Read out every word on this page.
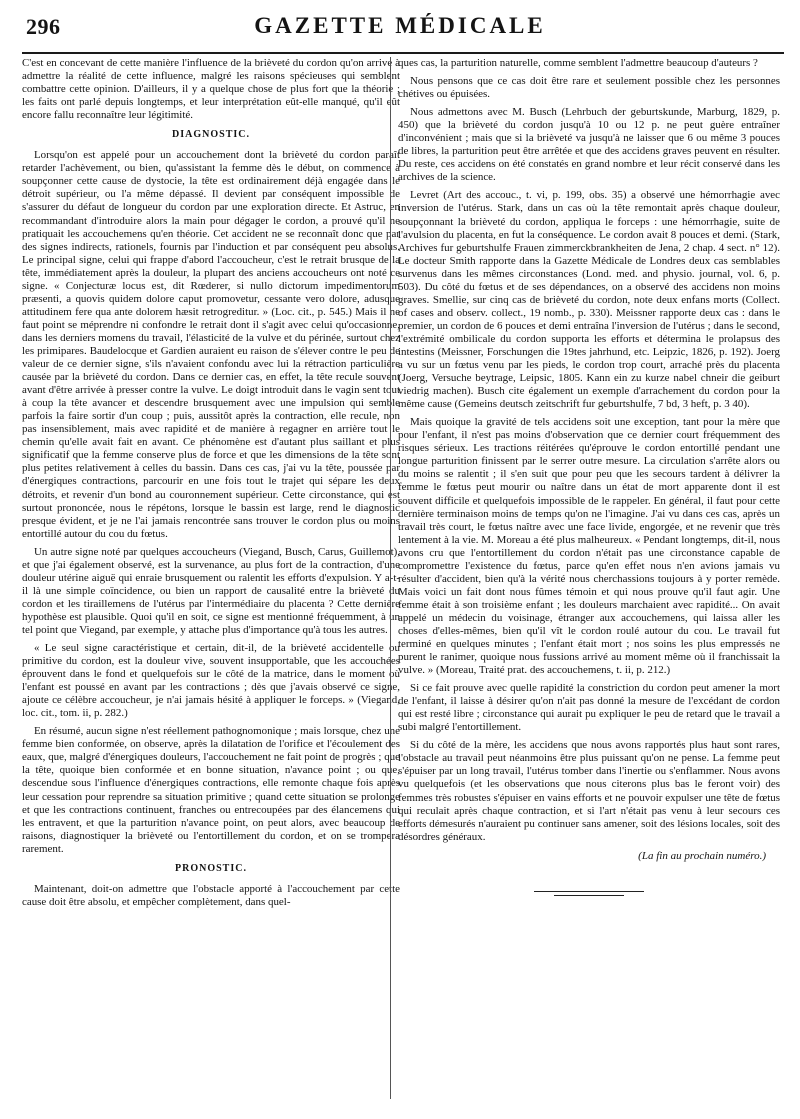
296	GAZETTE MÉDICALE

C'est en concevant de cette manière l'influence de la brièveté du cordon qu'on arrive à admettre la réalité de cette influence, malgré les raisons spécieuses qui semblent combattre cette opinion. D'ailleurs, il y a quelque chose de plus fort que la théorie ; les faits ont parlé depuis longtemps, et leur interprétation eût-elle manqué, qu'il eût encore fallu reconnaître leur légitimité.

DIAGNOSTIC.

Lorsqu'on est appelé pour un accouchement dont la brièveté du cordon paraît retarder l'achèvement, ou bien, qu'assistant la femme dès le début, on commence à soupçonner cette cause de dystocie, la tête est ordinairement déjà engagée dans le détroit supérieur, ou l'a même dépassé. Il devient par conséquent impossible de s'assurer du défaut de longueur du cordon par une exploration directe. Et Astruc, en recommandant d'introduire alors la main pour dégager le cordon, a prouvé qu'il ne pratiquait les accouchemens qu'en théorie. Cet accident ne se reconnaît donc que par des signes indirects, rationels, fournis par l'induction et par conséquent peu absolus. Le principal signe, celui qui frappe d'abord l'accoucheur, c'est le retrait brusque de la tête, immédiatement après la douleur, la plupart des anciens accoucheurs ont noté ce signe. « Conjecturæ locus est, dit Rœderer, si nullo dictorum impedimentorum præsenti, a quovis quidem dolore caput promovetur, cessante vero dolore, adusque attitudinem fere qua ante dolorem hæsit retrogreditur. » (Loc. cit., p. 545.) Mais il ne faut point se méprendre ni confondre le retrait dont il s'agit avec celui qu'occasionne, dans les derniers momens du travail, l'élasticité de la vulve et du périnée, surtout chez les primipares. Baudelocque et Gardien auraient eu raison de s'élever contre le peu de valeur de ce dernier signe, s'ils n'avaient confondu avec lui la rétraction particulière causée par la brièveté du cordon. Dans ce dernier cas, en effet, la tête recule souvent avant d'être arrivée à presser contre la vulve. Le doigt introduit dans le vagin sent tout à coup la tête avancer et descendre brusquement avec une impulsion qui semble parfois la faire sortir d'un coup ; puis, aussitôt après la contraction, elle recule, non pas insensiblement, mais avec rapidité et de manière à regagner en arrière tout le chemin qu'elle avait fait en avant. Ce phénomène est d'autant plus saillant et plus significatif que la femme conserve plus de force et que les dimensions de la tête sont plus petites relativement à celles du bassin. Dans ces cas, j'ai vu la tête, poussée par d'énergiques contractions, parcourir en une fois tout le trajet qui sépare les deux détroits, et revenir d'un bond au couronnement supérieur. Cette circonstance, qui est surtout prononcée, nous le répétons, lorsque le bassin est large, rend le diagnostic presque évident, et je ne l'ai jamais rencontrée sans trouver le cordon plus ou moins entortillé autour du cou du fœtus.

Un autre signe noté par quelques accoucheurs (Viegand, Busch, Carus, Guillemot), et que j'ai également observé, est la survenance, au plus fort de la contraction, d'une douleur utérine aiguë qui enraie brusquement ou ralentit les efforts d'expulsion. Y a-t-il là une simple coïncidence, ou bien un rapport de causalité entre la brièveté du cordon et les tiraillemens de l'utérus par l'intermédiaire du placenta ? Cette dernière hypothèse est plausible. Quoi qu'il en soit, ce signe est mentionné fréquemment, à un tel point que Viegand, par exemple, y attache plus d'importance qu'à tous les autres.

« Le seul signe caractéristique et certain, dit-il, de la brièveté accidentelle ou primitive du cordon, est la douleur vive, souvent insupportable, que les accouchées éprouvent dans le fond et quelquefois sur le côté de la matrice, dans le moment où l'enfant est poussé en avant par les contractions ; dès que j'avais observé ce signe, ajoute ce célèbre accoucheur, je n'ai jamais hésité à appliquer le forceps. » (Viegand, loc. cit., tom. ii, p. 282.)

En résumé, aucun signe n'est réellement pathognomonique ; mais lorsque, chez une femme bien conformée, on observe, après la dilatation de l'orifice et l'écoulement des eaux, que, malgré d'énergiques douleurs, l'accouchement ne fait point de progrès ; que la tête, quoique bien conformée et en bonne situation, n'avance point ; ou que, descendue sous l'influence d'énergiques contractions, elle remonte chaque fois après leur cessation pour reprendre sa situation primitive ; quand cette situation se prolonge et que les contractions continuent, franches ou entrecoupées par des élancemens qui les entravent, et que la parturition n'avance point, on peut alors, avec beaucoup de raisons, diagnostiquer la brièveté ou l'entortillement du cordon, et on se trompera rarement.

PRONOSTIC.

Maintenant, doit-on admettre que l'obstacle apporté à l'accouchement par cette cause doit être absolu, et empêcher complètement, dans quel-

ques cas, la parturition naturelle, comme semblent l'admettre beaucoup d'auteurs ?

Nous pensons que ce cas doit être rare et seulement possible chez les personnes chétives ou épuisées.

Nous admettons avec M. Busch (Lehrbuch der geburtskunde, Marburg, 1829, p. 450) que la brièveté du cordon jusqu'à 10 ou 12 p. ne peut guère entraîner d'inconvénient ; mais que si la brièveté va jusqu'à ne laisser que 6 ou même 3 pouces de libres, la parturition peut être arrêtée et que des accidens graves peuvent en résulter. Du reste, ces accidens on été constatés en grand nombre et leur récit conservé dans les archives de la science.

Levret (Art des accouc., t. vi, p. 199, obs. 35) a observé une hémorrhagie avec inversion de l'utérus. Stark, dans un cas où la tête remontait après chaque douleur, soupçonnant la brièveté du cordon, appliqua le forceps : une hémorrhagie, suite de l'avulsion du placenta, en fut la conséquence. Le cordon avait 8 pouces et demi. (Stark, Archives fur geburtshulfe Frauen zimmerckbrankheiten de Jena, 2 chap. 4 sect. n° 12). Le docteur Smith rapporte dans la Gazette Médicale de Londres deux cas semblables survenus dans les mêmes circonstances (Lond. med. and physio. journal, vol. 6, p. 503). Du côté du fœtus et de ses dépendances, on a observé des accidens non moins graves. Smellie, sur cinq cas de brièveté du cordon, note deux enfans morts (Collect. of cases and observ. collect., 19 nomb., p. 330). Meissner rapporte deux cas : dans le premier, un cordon de 6 pouces et demi entraîna l'inversion de l'utérus ; dans le second, l'extrémité ombilicale du cordon supporta les efforts et détermina le prolapsus des intestins (Meissner, Forschungen die 19tes jahrhund, etc. Leipzic, 1826, p. 192). Joerg a vu sur un fœtus venu par les pieds, le cordon trop court, arraché près du placenta (Joerg, Versuche beytrage, Leipsic, 1805. Kann ein zu kurze nabel chneir die geiburt viedrig machen). Busch cite également un exemple d'arrachement du cordon pour la même cause (Gemeins deutsch zeitschrift fur geburtshulfe, 7 bd, 3 heft, p. 3 40).

Mais quoique la gravité de tels accidens soit une exception, tant pour la mère que pour l'enfant, il n'est pas moins d'observation que ce dernier court fréquemment des risques sérieux. Les tractions réitérées qu'éprouve le cordon entortillé pendant une longue parturition finissent par le serrer outre mesure. La circulation s'arrête alors ou du moins se ralentit ; il s'en suit que pour peu que les secours tardent à délivrer la femme le fœtus peut mourir ou naître dans un état de mort apparente dont il est souvent difficile et quelquefois impossible de le rappeler. En général, il faut pour cette dernière terminaison moins de temps qu'on ne l'imagine. J'ai vu dans ces cas, après un travail très court, le fœtus naître avec une face livide, engorgée, et ne revenir que très lentement à la vie. M. Moreau a été plus malheureux. « Pendant longtemps, dit-il, nous avons cru que l'entortillement du cordon n'était pas une circonstance capable de compromettre l'existence du fœtus, parce qu'en effet nous n'en avions jamais vu résulter d'accident, bien qu'à la vérité nous cherchassions toujours à y porter remède. Mais voici un fait dont nous fûmes témoin et qui nous prouve qu'il faut agir. Une femme était à son troisième enfant ; les douleurs marchaient avec rapidité... On avait appelé un médecin du voisinage, étranger aux accouchemens, qui laissa aller les choses d'elles-mêmes, bien qu'il vît le cordon roulé autour du cou. Le travail fut terminé en quelques minutes ; l'enfant était mort ; nos soins les plus empressés ne purent le ranimer, quoique nous fussions arrivé au moment même où il franchissait la vulve. » (Moreau, Traité prat. des accouchemens, t. ii, p. 212.)

Si ce fait prouve avec quelle rapidité la constriction du cordon peut amener la mort de l'enfant, il laisse à désirer qu'on n'ait pas donné la mesure de l'excédant de cordon qui est resté libre ; circonstance qui aurait pu expliquer le peu de retard que le travail a subi malgré l'entortillement.

Si du côté de la mère, les accidens que nous avons rapportés plus haut sont rares, l'obstacle au travail peut néanmoins être plus puissant qu'on ne pense. La femme peut s'épuiser par un long travail, l'utérus tomber dans l'inertie ou s'enflammer. Nous avons vu quelquefois (et les observations que nous citerons plus bas le feront voir) des femmes très robustes s'épuiser en vains efforts et ne pouvoir expulser une tête de fœtus qui reculait après chaque contraction, et si l'art n'était pas venu à leur secours ces efforts démesurés n'auraient pu continuer sans amener, soit des lésions locales, soit des désordres généraux.

(La fin au prochain numéro.)
